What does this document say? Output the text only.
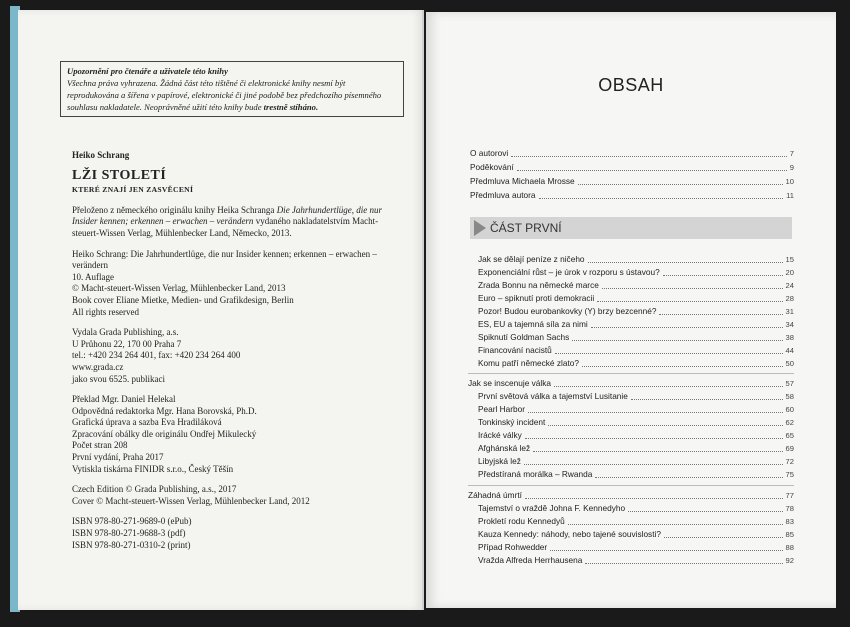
Upozornění pro čtenáře a uživatele této knihy
Všechna práva vyhrazena. Žádná část této tištěné či elektronické knihy nesmí být reprodukována a šířena v papírové, elektronické či jiné podobě bez předchozího písemného souhlasu nakladatele. Neoprávněné užití této knihy bude trestně stíháno.

Heiko Schrang

LŽI STOLETÍ

KTERÉ ZNAJÍ JEN ZASVĚCENÍ

Přeloženo z německého originálu knihy Heika Schranga Die Jahrhundertlüge, die nur Insider kennen; erkennen – erwachen – verändern vydaného nakladatelstvím Macht-steuert-Wissen Verlag, Mühlenbecker Land, Německo, 2013.

Heiko Schrang: Die Jahrhundertlüge, die nur Insider kennen; erkennen – erwachen – verändern

10. Auflage

© Macht-steuert-Wissen Verlag, Mühlenbecker Land, 2013

Book cover Eliane Mietke, Medien- und Grafikdesign, Berlin

All rights reserved

Vydala Grada Publishing, a.s.

U Průhonu 22, 170 00 Praha 7

tel.: +420 234 264 401, fax: +420 234 264 400

www.grada.cz

jako svou 6525. publikaci

Překlad Mgr. Daniel Helekal

Odpovědná redaktorka Mgr. Hana Borovská, Ph.D.

Grafická úprava a sazba Eva Hradiláková

Zpracování obálky dle originálu Ondřej Mikulecký

Počet stran 208

První vydání, Praha 2017

Vytiskla tiskárna FINIDR s.r.o., Český Těšín

Czech Edition © Grada Publishing, a.s., 2017

Cover © Macht-steuert-Wissen Verlag, Mühlenbecker Land, 2012

ISBN 978-80-271-9689-0 (ePub)

ISBN 978-80-271-9688-3 (pdf)

ISBN 978-80-271-0310-2 (print)

OBSAH
O autorovi	7
Poděkování	9
Předmluva Michaela Mrosse	10
Předmluva autora	11
ČÁST PRVNÍ
Jak se dělají peníze z ničeho	15
Exponenciální růst – je úrok v rozporu s ústavou?	20
Zrada Bonnu na německé marce	24
Euro – spiknutí proti demokracii	28
Pozor! Budou eurobankovky (Y) brzy bezcenné?	31
ES, EU a tajemná síla za nimi	34
Spiknutí Goldman Sachs	38
Financování nacistů	44
Komu patří německé zlato?	50
Jak se inscenuje válka	57
První světová válka a tajemství Lusitanie	58
Pearl Harbor	60
Tonkinský incident	62
Irácké války	65
Afghánská lež	69
Libyjská lež	72
Předstíraná morálka – Rwanda	75
Záhadná úmrtí	77
Tajemství o vraždě Johna F. Kennedyho	78
Prokletí rodu Kennedyů	83
Kauza Kennedy: náhody, nebo tajené souvislosti?	85
Případ Rohwedder	88
Vražda Alfreda Herrhausena	92
